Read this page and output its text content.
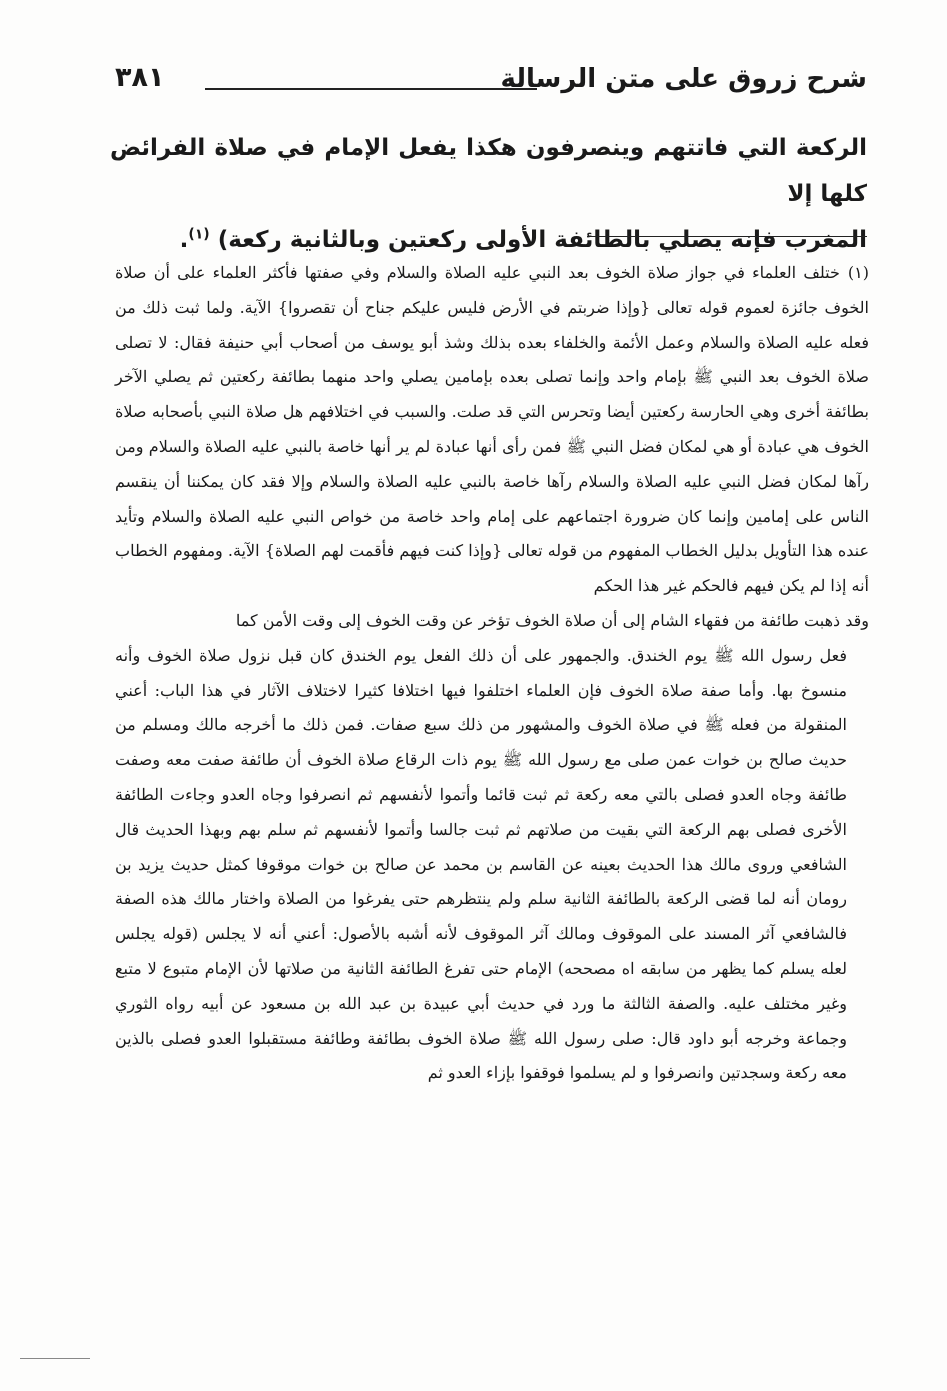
شرح زروق على متن الرسالة
٣٨١

الركعة التي فاتتهم وينصرفون هكذا يفعل الإمام في صلاة الفرائض كلها إلا

المغرب فإنه يصلي بالطائفة الأولى ركعتين وبالثانية ركعة) $^{(١)}$.

(١)ختلف العلماء في جواز صلاة الخوف بعد النبي عليه الصلاة والسلام وفي صفتها فأكثر العلماء على أن صلاة الخوف جائزة لعموم قوله تعالى {وإذا ضربتم في الأرض فليس عليكم جناح أن تقصروا} الآية. ولما ثبت ذلك من فعله عليه الصلاة والسلام وعمل الأئمة والخلفاء بعده بذلك وشذ أبو يوسف من أصحاب أبي حنيفة فقال: لا تصلى صلاة الخوف بعد النبي ﷺ بإمام واحد وإنما تصلى بعده بإمامين يصلي واحد منهما بطائفة ركعتين ثم يصلي الآخر بطائفة أخرى وهي الحارسة ركعتين أيضا وتحرس التي قد صلت. والسبب في اختلافهم هل صلاة النبي بأصحابه صلاة الخوف هي عبادة أو هي لمكان فضل النبي ﷺ فمن رأى أنها عبادة لم ير أنها خاصة بالنبي عليه الصلاة والسلام ومن رآها لمكان فضل النبي عليه الصلاة والسلام رآها خاصة بالنبي عليه الصلاة والسلام وإلا فقد كان يمكننا أن ينقسم الناس على إمامين وإنما كان ضرورة اجتماعهم على إمام واحد خاصة من خواص النبي عليه الصلاة والسلام وتأيد عنده هذا التأويل بدليل الخطاب المفهوم من قوله تعالى {وإذا كنت فيهم فأقمت لهم الصلاة} الآية. ومفهوم الخطاب أنه إذا لم يكن فيهم فالحكم غير هذا الحكم

وقد ذهبت طائفة من فقهاء الشام إلى أن صلاة الخوف تؤخر عن وقت الخوف إلى وقت الأمن كما

فعل رسول الله ﷺ يوم الخندق. والجمهور على أن ذلك الفعل يوم الخندق كان قبل نزول صلاة الخوف وأنه منسوخ بها. وأما صفة صلاة الخوف فإن العلماء اختلفوا فيها اختلافا كثيرا لاختلاف الآثار في هذا الباب: أعني المنقولة من فعله ﷺ في صلاة الخوف والمشهور من ذلك سبع صفات. فمن ذلك ما أخرجه مالك ومسلم من حديث صالح بن خوات عمن صلى مع رسول الله ﷺ يوم ذات الرقاع صلاة الخوف أن طائفة صفت معه وصفت طائفة وجاه العدو فصلى بالتي معه ركعة ثم ثبت قائما وأتموا لأنفسهم ثم انصرفوا وجاه العدو وجاءت الطائفة الأخرى فصلى بهم الركعة التي بقيت من صلاتهم ثم ثبت جالسا وأتموا لأنفسهم ثم سلم بهم وبهذا الحديث قال الشافعي وروى مالك هذا الحديث بعينه عن القاسم بن محمد عن صالح بن خوات موقوفا كمثل حديث يزيد بن رومان أنه لما قضى الركعة بالطائفة الثانية سلم ولم ينتظرهم حتى يفرغوا من الصلاة واختار مالك هذه الصفة فالشافعي آثر المسند على الموقوف ومالك آثر الموقوف لأنه أشبه بالأصول: أعني أنه لا يجلس (قوله يجلس لعله يسلم كما يظهر من سابقه اه مصححه) الإمام حتى تفرغ الطائفة الثانية من صلاتها لأن الإمام متبوع لا متبع وغير مختلف عليه. والصفة الثالثة ما ورد في حديث أبي عبيدة بن عبد الله بن مسعود عن أبيه رواه الثوري وجماعة وخرجه أبو داود قال: صلى رسول الله ﷺ صلاة الخوف بطائفة وطائفة مستقبلوا العدو فصلى بالذين معه ركعة وسجدتين وانصرفوا و لم يسلموا فوقفوا بإزاء العدو ثم
